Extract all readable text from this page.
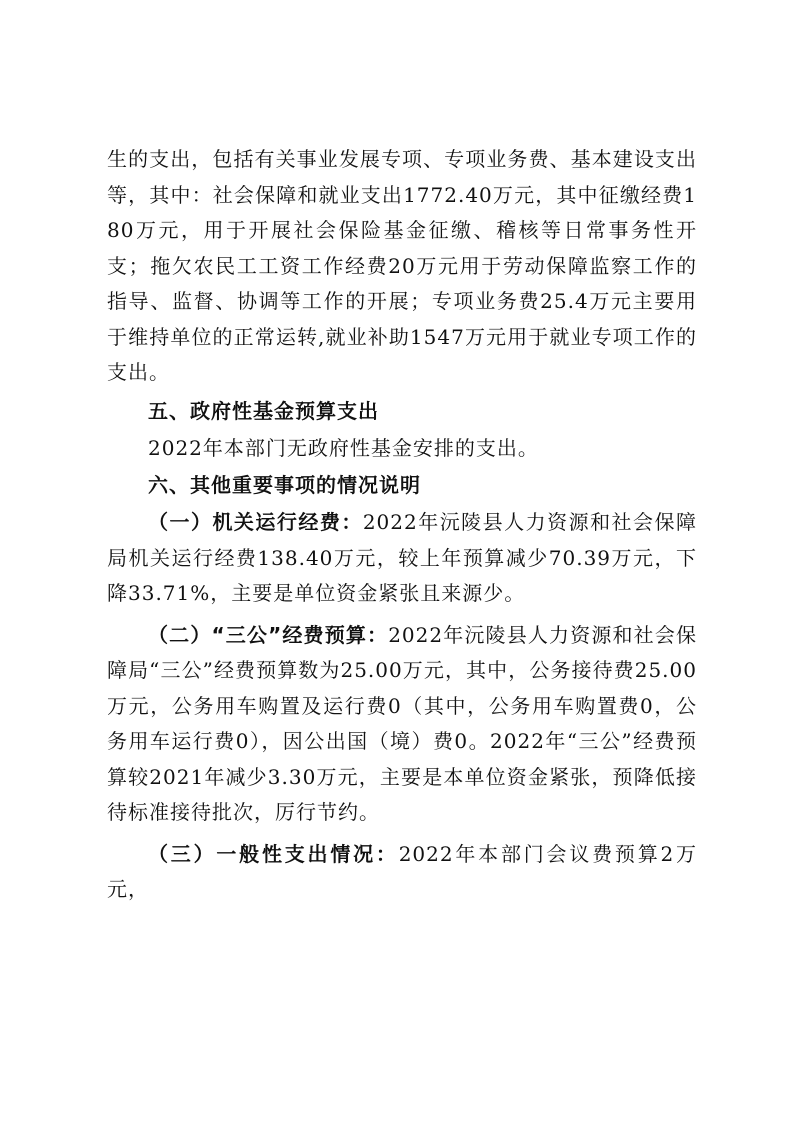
生的支出，包括有关事业发展专项、专项业务费、基本建设支出等，其中：社会保障和就业支出1772.40万元，其中征缴经费180万元，用于开展社会保险基金征缴、稽核等日常事务性开支；拖欠农民工工资工作经费20万元用于劳动保障监察工作的指导、监督、协调等工作的开展；专项业务费25.4万元主要用于维持单位的正常运转,就业补助1547万元用于就业专项工作的支出。

五、政府性基金预算支出

2022年本部门无政府性基金安排的支出。

六、其他重要事项的情况说明

（一）机关运行经费：2022年沅陵县人力资源和社会保障局机关运行经费138.40万元，较上年预算减少70.39万元，下降33.71%，主要是单位资金紧张且来源少。

（二）“三公”经费预算：2022年沅陵县人力资源和社会保障局“三公”经费预算数为25.00万元，其中，公务接待费25.00万元，公务用车购置及运行费0（其中，公务用车购置费0，公务用车运行费0），因公出国（境）费0。2022年“三公”经费预算较2021年减少3.30万元，主要是本单位资金紧张，预降低接待标准接待批次，厉行节约。

（三）一般性支出情况：2022年本部门会议费预算2万元，
